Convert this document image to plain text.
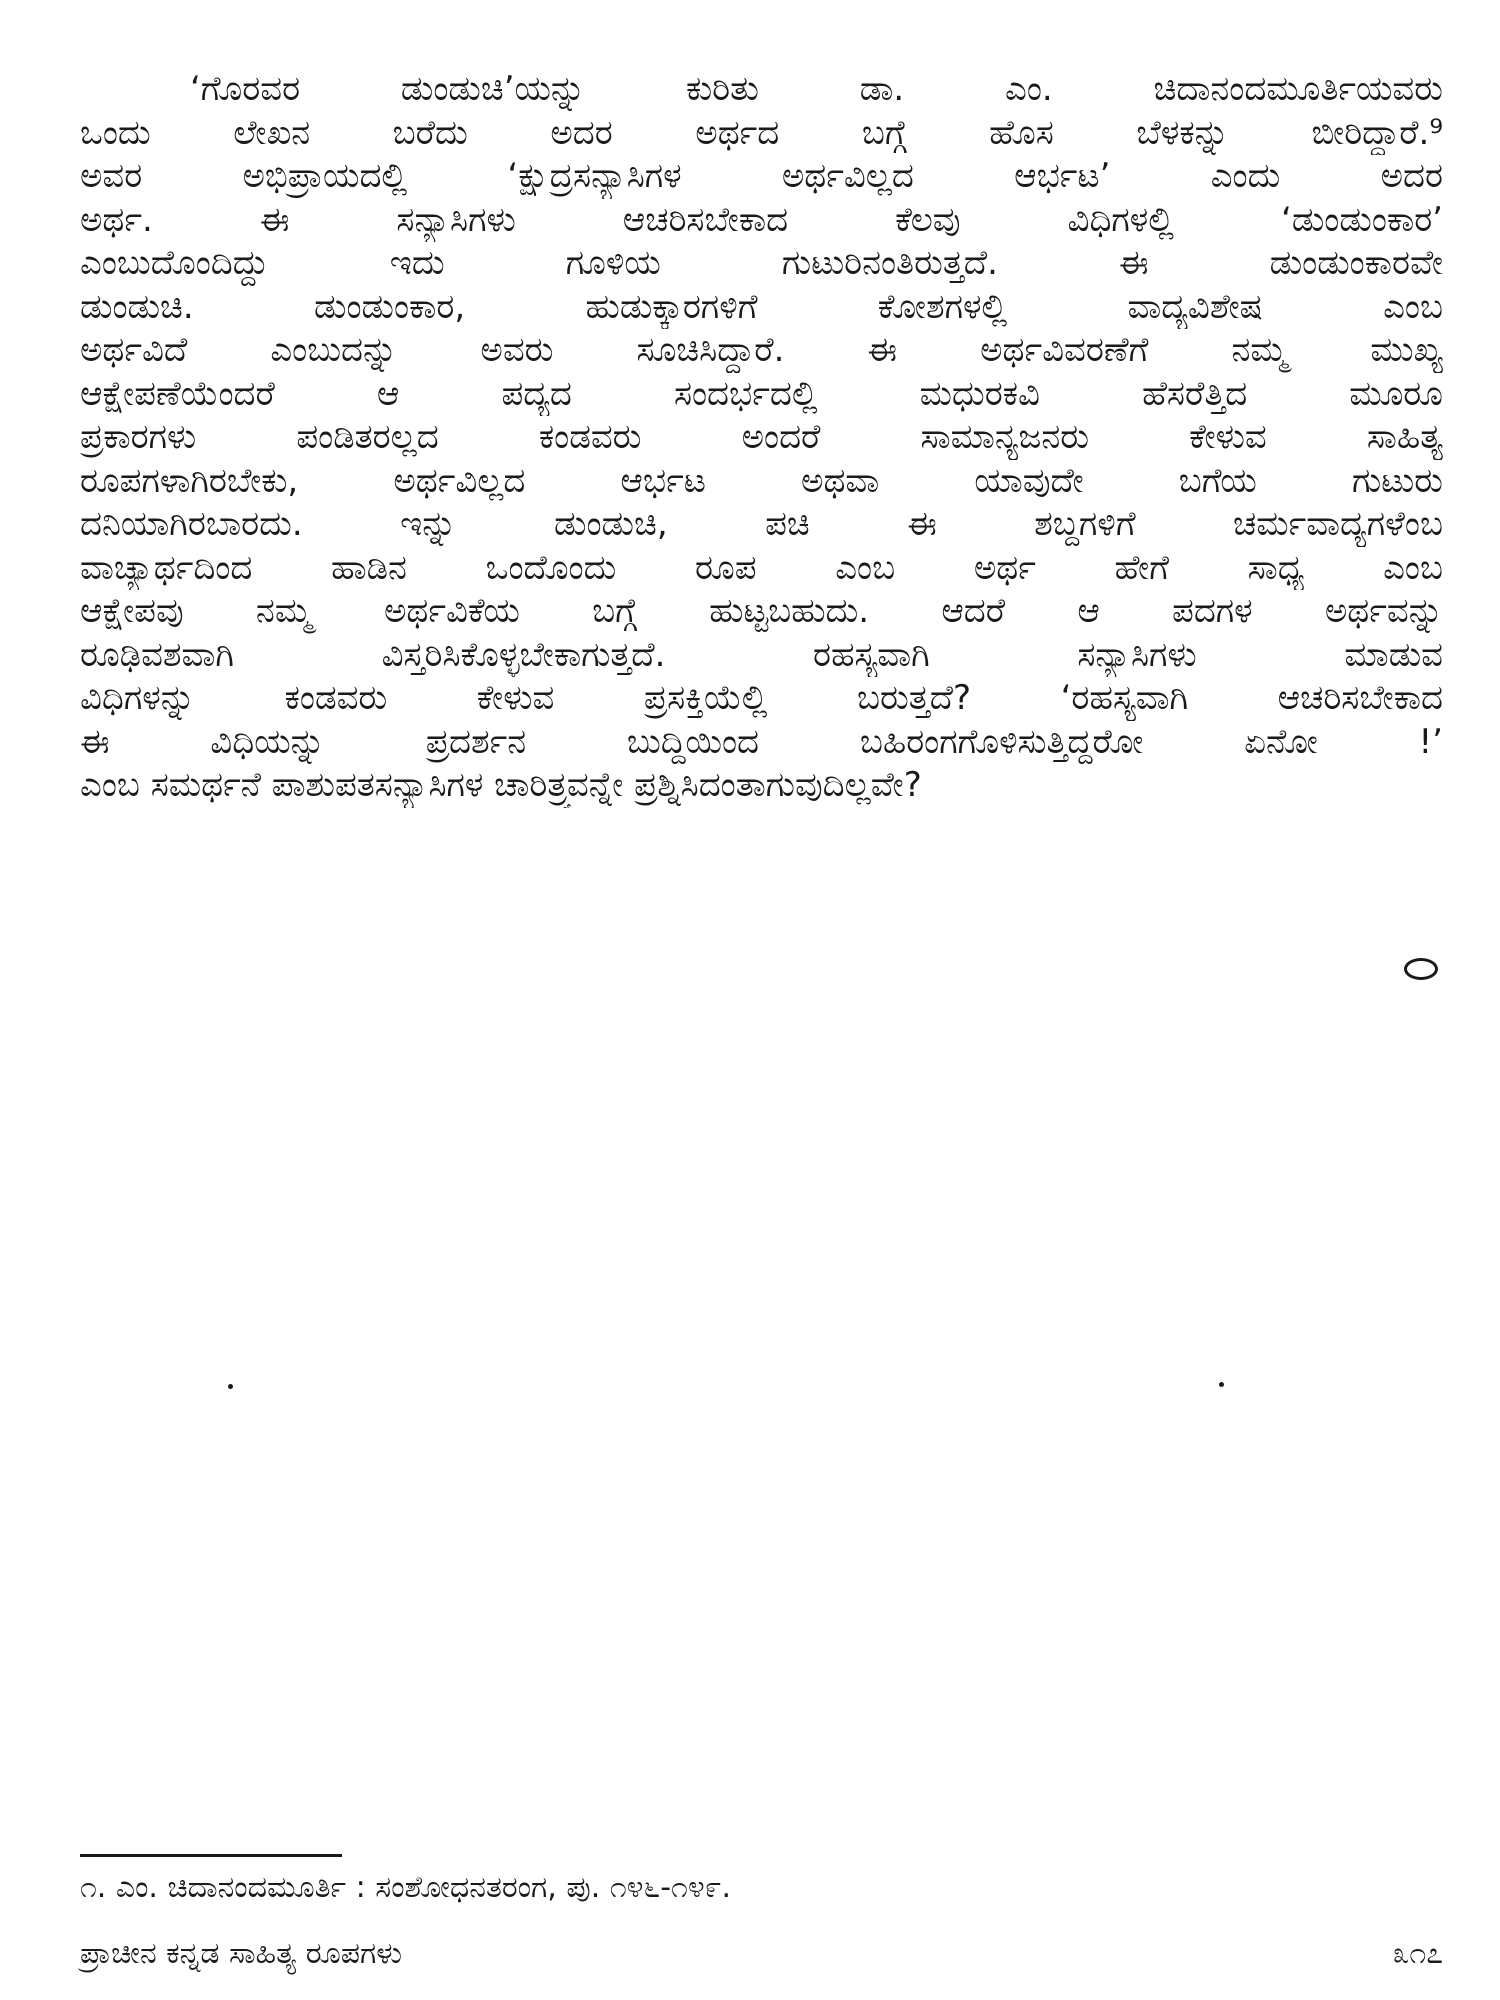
‘ಗೊರವರ ಡುಂಡುಚಿ’ಯನ್ನು ಕುರಿತು ಡಾ. ಎಂ. ಚಿದಾನಂದಮೂರ್ತಿಯವರು
ಒಂದು ಲೇಖನ ಬರೆದು ಅದರ ಅರ್ಥದ ಬಗ್ಗೆ ಹೊಸ ಬೆಳಕನ್ನು ಬೀರಿದ್ದಾರೆ.⁹
ಅವರ ಅಭಿಪ್ರಾಯದಲ್ಲಿ ‘ಕ್ಷುದ್ರಸನ್ಯಾಸಿಗಳ ಅರ್ಥವಿಲ್ಲದ ಆರ್ಭಟ’ ಎಂದು ಅದರ
ಅರ್ಥ. ಈ ಸನ್ಯಾಸಿಗಳು ಆಚರಿಸಬೇಕಾದ ಕೆಲವು ವಿಧಿಗಳಲ್ಲಿ ‘ಡುಂಡುಂಕಾರ’
ಎಂಬುದೊಂದಿದ್ದು ಇದು ಗೂಳಿಯ ಗುಟುರಿನಂತಿರುತ್ತದೆ. ಈ ಡುಂಡುಂಕಾರವೇ
ಡುಂಡುಚಿ. ಡುಂಡುಂಕಾರ, ಹುಡುಕ್ಕಾರಗಳಿಗೆ ಕೋಶಗಳಲ್ಲಿ ವಾದ್ಯವಿಶೇಷ ಎಂಬ
ಅರ್ಥವಿದೆ ಎಂಬುದನ್ನು ಅವರು ಸೂಚಿಸಿದ್ದಾರೆ. ಈ ಅರ್ಥವಿವರಣೆಗೆ ನಮ್ಮ ಮುಖ್ಯ
ಆಕ್ಷೇಪಣೆಯೆಂದರೆ ಆ ಪದ್ಯದ ಸಂದರ್ಭದಲ್ಲಿ ಮಧುರಕವಿ ಹೆಸರೆತ್ತಿದ ಮೂರೂ
ಪ್ರಕಾರಗಳು ಪಂಡಿತರಲ್ಲದ ಕಂಡವರು ಅಂದರೆ ಸಾಮಾನ್ಯಜನರು ಕೇಳುವ ಸಾಹಿತ್ಯ
ರೂಪಗಳಾಗಿರಬೇಕು, ಅರ್ಥವಿಲ್ಲದ ಆರ್ಭಟ ಅಥವಾ ಯಾವುದೇ ಬಗೆಯ ಗುಟುರು
ದನಿಯಾಗಿರಬಾರದು. ಇನ್ನು ಡುಂಡುಚಿ, ಪಚಿ ಈ ಶಬ್ದಗಳಿಗೆ ಚರ್ಮವಾದ್ಯಗಳೆಂಬ
ವಾಚ್ಯಾರ್ಥದಿಂದ ಹಾಡಿನ ಒಂದೊಂದು ರೂಪ ಎಂಬ ಅರ್ಥ ಹೇಗೆ ಸಾಧ್ಯ ಎಂಬ
ಆಕ್ಷೇಪವು ನಮ್ಮ ಅರ್ಥವಿಕೆಯ ಬಗ್ಗೆ ಹುಟ್ಟಬಹುದು. ಆದರೆ ಆ ಪದಗಳ ಅರ್ಥವನ್ನು
ರೂಢಿವಶವಾಗಿ ವಿಸ್ತರಿಸಿಕೊಳ್ಳಬೇಕಾಗುತ್ತದೆ. ರಹಸ್ಯವಾಗಿ ಸನ್ಯಾಸಿಗಳು ಮಾಡುವ
ವಿಧಿಗಳನ್ನು ಕಂಡವರು ಕೇಳುವ ಪ್ರಸಕ್ತಿಯೆಲ್ಲಿ ಬರುತ್ತದೆ? ‘ರಹಸ್ಯವಾಗಿ ಆಚರಿಸಬೇಕಾದ
ಈ ವಿಧಿಯನ್ನು ಪ್ರದರ್ಶನ ಬುದ್ಧಿಯಿಂದ ಬಹಿರಂಗಗೊಳಿಸುತ್ತಿದ್ದರೋ ಏನೋ !’
ಎಂಬ ಸಮರ್ಥನೆ ಪಾಶುಪತಸನ್ಯಾಸಿಗಳ ಚಾರಿತ್ರ್ಯವನ್ನೇ ಪ್ರಶ್ನಿಸಿದಂತಾಗುವುದಿಲ್ಲವೇ?
೧. ಎಂ. ಚಿದಾನಂದಮೂರ್ತಿ : ಸಂಶೋಧನತರಂಗ, ಪು. ೧೪೬-೧೪೯.
ಪ್ರಾಚೀನ ಕನ್ನಡ ಸಾಹಿತ್ಯ ರೂಪಗಳು	೩೧೭
